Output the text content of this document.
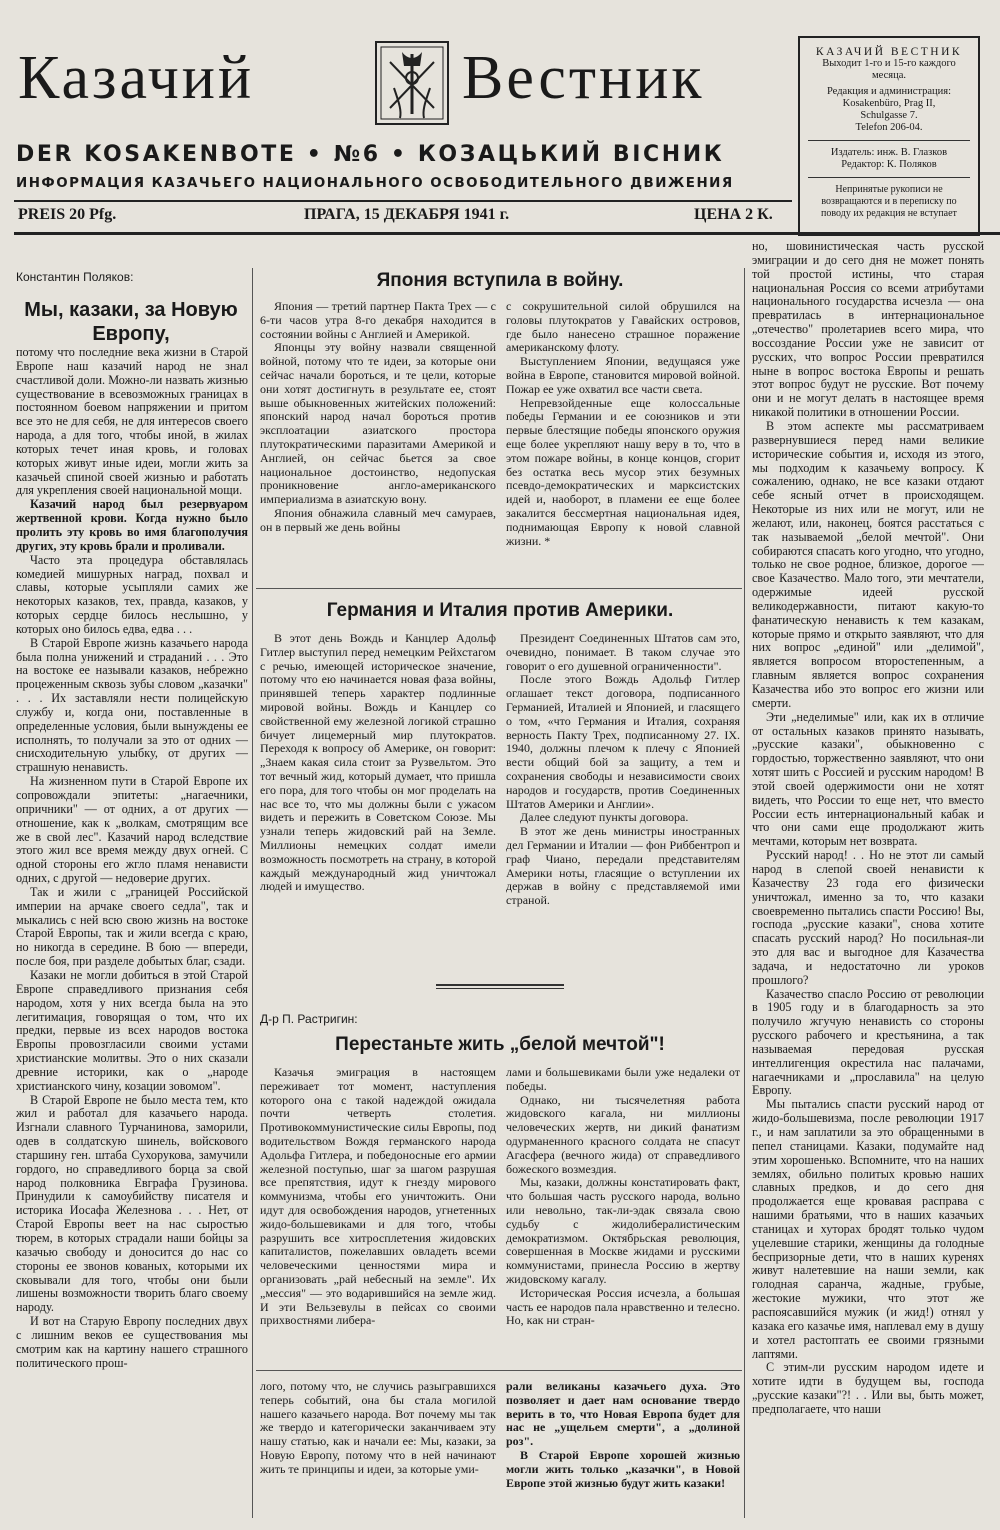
Казачий	Вестник
DER KOSAKENBOTE • №6 • КОЗАЦЬКИЙ ВІСНИК
ИНФОРМАЦИЯ КАЗАЧЬЕГО НАЦИОНАЛЬНОГО ОСВОБОДИТЕЛЬНОГО ДВИЖЕНИЯ
PREIS 20 Pfg.	ПРАГА, 15 ДЕКАБРЯ 1941 г.	ЦЕНА 2 К.

КАЗАЧИЙ ВЕСТНИК

Выходит 1-го и 15-го каждого месяца.

Редакция и администрация:

Kosakenbüro, Prag II,

Schulgasse 7.

Telefon 206-04.

Издатель: инж. В. Глазков

Редактор: К. Поляков

Непринятые рукописи не возвращаются и в переписку по поводу их редакция не вступает

Константин Поляков:
Мы, казаки, за Новую
Европу,

потому что последние века жизни в Старой Европе наш казачий народ не знал счастливой доли. Можно-ли назвать жизнью существование в всевозможных границах в постоянном боевом напряжении и притом все это не для себя, не для интересов своего народа, а для того, чтобы иной, в жилах которых течет иная кровь, и головах которых живут иные идеи, могли жить за казачьей спиной своей жизнью и работать для укрепления своей национальной мощи.

Казачий народ был резервуаром жертвенной крови. Когда нужно было пролить эту кровь во имя благополучия других, эту кровь брали и проливали.

Часто эта процедура обставлялась комедией мишурных наград, похвал и славы, которые усыпляли самих же некоторых казаков, тех, правда, казаков, у которых сердце билось неслышно, у которых оно билось едва, едва . . .

В Старой Европе жизнь казачьего народа была полна унижений и страданий . . . Это на востоке ее называли казаков, небрежно процеженным сквозь зубы словом „казачки" . . . Их заставляли нести полицейскую службу и, когда они, поставленные в определенные условия, были вынуждены ее исполнять, то получали за это от одних — снисходительную улыбку, от других — страшную ненависть.

На жизненном пути в Старой Европе их сопровождали эпитеты: „нагаечники, опричники" — от одних, а от других — отношение, как к „волкам, смотрящим все же в свой лес". Казачий народ вследствие этого жил все время между двух огней. С одной стороны его жгло пламя ненависти одних, с другой — недоверие других.

Так и жили с „границей Российской империи на арчаке своего седла", так и мыкались с ней всю свою жизнь на востоке Старой Европы, так и жили всегда с краю, но никогда в середине. В бою — впереди, после боя, при разделе добытых благ, сзади.

Казаки не могли добиться в этой Старой Европе справедливого признания себя народом, хотя у них всегда была на это легитимация, говорящая о том, что их предки, первые из всех народов востока Европы провозгласили своими устами христианские молитвы. Это о них сказали древние историки, как о „народе христианского чину, козации зовомом".

В Старой Европе не было места тем, кто жил и работал для казачьего народа. Изгнали славного Турчанинова, заморили, одев в солдатскую шинель, войскового старшину ген. штаба Сухорукова, замучили гордого, но справедливого борца за свой народ полковника Евграфа Грузинова. Принудили к самоубийству писателя и историка Иосафа Железнова . . . Нет, от Старой Европы веет на нас сыростью тюрем, в которых страдали наши бойцы за казачью свободу и доносится до нас со стороны ее звонов кованых, которыми их сковывали для того, чтобы они были лишены возможности творить благо своему народу.

И вот на Старую Европу последних двух с лишним веков ее существования мы смотрим как на картину нашего страшного политического прош-

Япония вступила в войну.

Япония — третий партнер Пакта Трех — с 6-ти часов утра 8-го декабря находится в состоянии войны с Англией и Америкой.

Японцы эту войну назвали священной войной, потому что те идеи, за которые они сейчас начали бороться, и те цели, которые они хотят достигнуть в результате ее, стоят выше обыкновенных житейских положений: японский народ начал бороться против эксплоатации азиатского простора плутократическими паразитами Америкой и Англией, он сейчас бьется за свое национальное достоинство, недопуская проникновение англо-американского империализма в азиатскую вону.

Япония обнажила славный меч самураев, он в первый же день войны

с сокрушительной силой обрушился на головы плутократов у Гавайских островов, где было нанесено страшное поражение американскому флоту.

Выступлением Японии, ведущаяся уже война в Европе, становится мировой войной. Пожар ее уже охватил все части света.

Непревзойденные еще колоссальные победы Германии и ее союзников и эти первые блестящие победы японского оружия еще более укрепляют нашу веру в то, что в этом пожаре войны, в конце концов, сгорит без остатка весь мусор этих безумных псевдо-демократических и марксистских идей и, наоборот, в пламени ее еще более закалится бессмертная национальная идея, поднимающая Европу к новой славной жизни. *

Германия и Италия против Америки.

В этот день Вождь и Канцлер Адольф Гитлер выступил перед немецким Рейхстагом с речью, имеющей историческое значение, потому что ею начинается новая фаза войны, принявшей теперь характер подлинные мировой войны. Вождь и Канцлер со свойственной ему железной логикой страшно бичует лицемерный мир плутократов. Переходя к вопросу об Америке, он говорит: „Знаем какая сила стоит за Рузвельтом. Это тот вечный жид, который думает, что пришла его пора, для того чтобы он мог проделать на нас все то, что мы должны были с ужасом видеть и пережить в Советском Союзе. Мы узнали теперь жидовский рай на Земле. Миллионы немецких солдат имели возможность посмотреть на страну, в которой каждый международный жид уничтожал людей и имущество.

Президент Соединенных Штатов сам это, очевидно, понимает. В таком случае это говорит о его душевной ограниченности".

После этого Вождь Адольф Гитлер оглашает текст договора, подписанного Германией, Италией и Японией, и гласящего о том, «что Германия и Италия, сохраняя верность Пакту Трех, подписанному 27. IX. 1940, должны плечом к плечу с Японией вести общий бой за защиту, а тем и сохранения свободы и независимости своих народов и государств, против Соединенных Штатов Америки и Англии».

Далее следуют пункты договора.

В этот же день министры иностранных дел Германии и Италии — фон Риббентроп и граф Чиано, передали представителям Америки ноты, гласящие о вступлении их держав в войну с представляемой ими страной.

Д-р П. Растригин:
Перестаньте жить „белой мечтой"!

Казачья эмиграция в настоящем переживает тот момент, наступления которого она с такой надеждой ожидала почти четверть столетия. Противокоммунистические силы Европы, под водительством Вождя германского народа Адольфа Гитлера, и победоносные его армии железной поступью, шаг за шагом разрушая все препятствия, идут к гнезду мирового коммунизма, чтобы его уничтожить. Они идут для освобождения народов, угнетенных жидо-большевиками и для того, чтобы разрушить все хитросплетения жидовских капиталистов, пожелавших овладеть всеми человеческими ценностями мира и организовать „рай небесный на земле". Их „мессия" — это водарившийся на земле жид. И эти Вельзевулы в пейсах со своими прихвостнями либера-

лами и большевиками были уже недалеки от победы.

Однако, ни тысячелетняя работа жидовского кагала, ни миллионы человеческих жертв, ни дикий фанатизм одурманенного красного солдата не спасут Агасфера (вечного жида) от справедливого божеского возмездия.

Мы, казаки, должны констатировать факт, что большая часть русского народа, вольно или невольно, так-ли-эдак связала свою судьбу с жидолибералистическим демократизмом. Октябрьская революция, совершенная в Москве жидами и русскими коммунистами, принесла Россию в жертву жидовскому кагалу.

Историческая Россия исчезла, а большая часть ее народов пала нравственно и телесно. Но, как ни стран-

лого, потому что, не случись разыгравшихся теперь событий, она бы стала могилой нашего казачьего народа. Вот почему мы так же твердо и категорически заканчиваем эту нашу статью, как и начали ее: Мы, казаки, за Новую Европу, потому что в ней начинают жить те принципы и идеи, за которые уми-

рали великаны казачьего духа. Это позволяет и дает нам основание твердо верить в то, что Новая Европа будет для нас не „ущельем смерти", а „долиной роз".

В Старой Европе хорошей жизнью могли жить только „казачки", в Новой Европе этой жизнью будут жить казаки!

но, шовинистическая часть русской эмиграции и до сего дня не может понять той простой истины, что старая национальная Россия со всеми атрибутами национального государства исчезла — она превратилась в интернациональное „отечество" пролетариев всего мира, что воссоздание России уже не зависит от русских, что вопрос России превратился ныне в вопрос востока Европы и решать этот вопрос будут не русские. Вот почему они и не могут делать в настоящее время никакой политики в отношении России.

В этом аспекте мы рассматриваем развернувшиеся перед нами великие исторические события и, исходя из этого, мы подходим к казачьему вопросу. К сожалению, однако, не все казаки отдают себе ясный отчет в происходящем. Некоторые из них или не могут, или не желают, или, наконец, боятся расстаться с так называемой „белой мечтой". Они собираются спасать кого угодно, что угодно, только не свое родное, близкое, дорогое — свое Казачество. Мало того, эти мечтатели, одержимые идеей русской великодержавности, питают какую-то фанатическую ненависть к тем казакам, которые прямо и открыто заявляют, что для них вопрос „единой" или „делимой", является вопросом второстепенным, а главным является вопрос сохранения Казачества ибо это вопрос его жизни или смерти.

Эти „неделимые" или, как их в отличие от остальных казаков принято называть, „русские казаки", обыкновенно с гордостью, торжественно заявляют, что они хотят шить с Россией и русским народом! В этой своей одержимости они не хотят видеть, что России то еще нет, что вместо России есть интернациональный кабак и что они сами еще продолжают жить мечтами, которым нет возврата.

Русский народ! . . Но не этот ли самый народ в слепой своей ненависти к Казачеству 23 года его физически уничтожал, именно за то, что казаки своевременно пытались спасти Россию! Вы, господа „русские казаки", снова хотите спасать русский народ? Но посильная-ли это для вас и выгодное для Казачества задача, и недостаточно ли уроков прошлого?

Казачество спасло Россию от революции в 1905 году и в благодарность за это получило жгучую ненависть со стороны русского рабочего и крестьянина, а так называемая передовая русская интеллигенция окрестила нас палачами, нагаечниками и „прославила" на целую Европу.

Мы пытались спасти русский народ от жидо-большевизма, после революции 1917 г., и нам заплатили за это обращенными в пепел станицами. Казаки, подумайте над этим хорошенько. Вспомните, что на наших землях, обильно политых кровью наших славных предков, и до сего дня продолжается еще кровавая расправа с нашими братьями, что в наших казачьих станицах и хуторах бродят только чудом уцелевшие старики, женщины да голодные беспризорные дети, что в наших куренях живут налетевшие на наши земли, как голодная саранча, жадные, грубые, жестокие мужики, что этот же распоясавшийся мужик (и жид!) отнял у казака его казачье имя, наплевал ему в душу и хотел растоптать ее своими грязными лаптями.

С этим-ли русским народом идете и хотите идти в будущем вы, господа „русские казаки"?! . . Или вы, быть может, предполагаете, что наши
